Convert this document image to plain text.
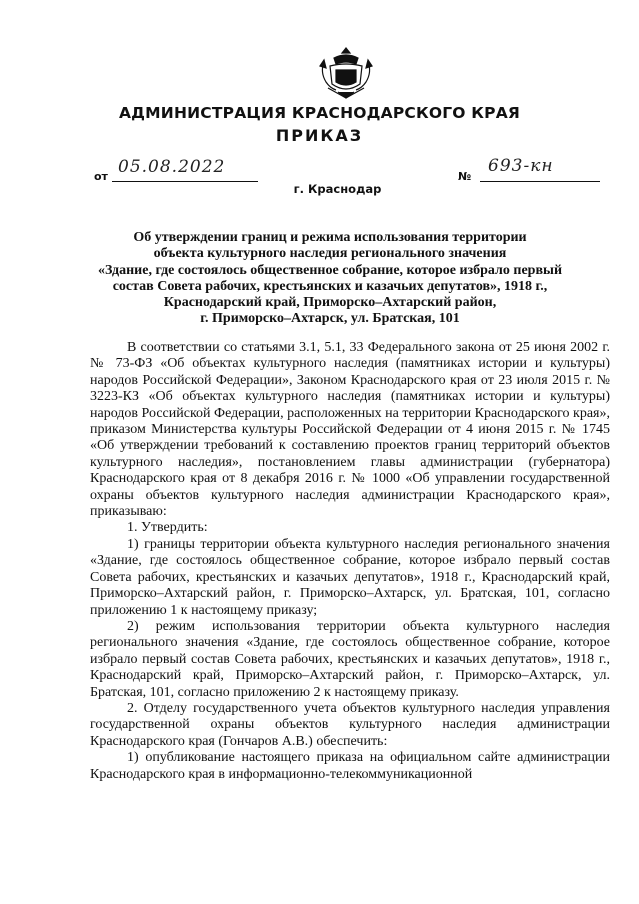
АДМИНИСТРАЦИЯ КРАСНОДАРСКОГО КРАЯ
ПРИКАЗ
от 05.08.2022	№
693-кн
г. Краснодар
Об утверждении границ и режима использования территории
объекта культурного наследия регионального значения
«Здание, где состоялось общественное собрание, которое избрало первый
состав Совета рабочих, крестьянских и казачьих депутатов», 1918 г.,
Краснодарский край, Приморско–Ахтарский район,
г. Приморско–Ахтарск, ул. Братская, 101

В соответствии со статьями 3.1, 5.1, 33 Федерального закона от 25 июня 2002 г. № 73-ФЗ «Об объектах культурного наследия (памятниках истории и культуры) народов Российской Федерации», Законом Краснодарского края от 23 июля 2015 г. № 3223-КЗ «Об объектах культурного наследия (памятниках истории и культуры) народов Российской Федерации, расположенных на территории Краснодарского края», приказом Министерства культуры Российской Федерации от 4 июня 2015 г. № 1745 «Об утверждении требований к составлению проектов границ территорий объектов культурного наследия», постановлением главы администрации (губернатора) Краснодарского края от 8 декабря 2016 г. № 1000 «Об управлении государственной охраны объектов культурного наследия администрации Краснодарского края», приказываю:

1. Утвердить:

1) границы территории объекта культурного наследия регионального значения «Здание, где состоялось общественное собрание, которое избрало первый состав Совета рабочих, крестьянских и казачьих депутатов», 1918 г., Краснодарский край, Приморско–Ахтарский район, г. Приморско–Ахтарск, ул. Братская, 101, согласно приложению 1 к настоящему приказу;

2) режим использования территории объекта культурного наследия регионального значения «Здание, где состоялось общественное собрание, которое избрало первый состав Совета рабочих, крестьянских и казачьих депутатов», 1918 г., Краснодарский край, Приморско–Ахтарский район, г. Приморско–Ахтарск, ул. Братская, 101, согласно приложению 2 к настоящему приказу.

2. Отделу государственного учета объектов культурного наследия управления государственной охраны объектов культурного наследия администрации Краснодарского края (Гончаров А.В.) обеспечить:

1) опубликование настоящего приказа на официальном сайте администрации Краснодарского края в информационно-телекоммуникационной
